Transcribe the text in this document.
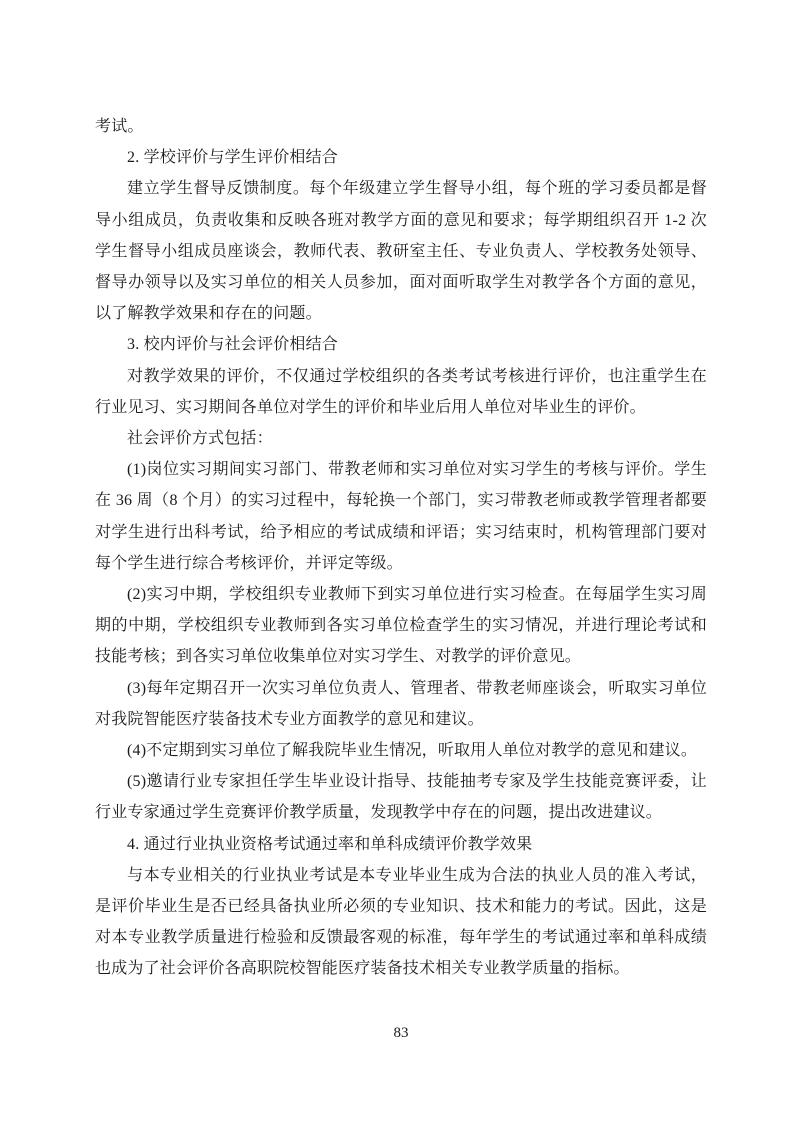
考试。

2. 学校评价与学生评价相结合

建立学生督导反馈制度。每个年级建立学生督导小组，每个班的学习委员都是督导小组成员，负责收集和反映各班对教学方面的意见和要求；每学期组织召开 1-2 次学生督导小组成员座谈会，教师代表、教研室主任、专业负责人、学校教务处领导、督导办领导以及实习单位的相关人员参加，面对面听取学生对教学各个方面的意见，以了解教学效果和存在的问题。

3. 校内评价与社会评价相结合

对教学效果的评价，不仅通过学校组织的各类考试考核进行评价，也注重学生在行业见习、实习期间各单位对学生的评价和毕业后用人单位对毕业生的评价。

社会评价方式包括：

(1)岗位实习期间实习部门、带教老师和实习单位对实习学生的考核与评价。学生在 36 周（8 个月）的实习过程中，每轮换一个部门，实习带教老师或教学管理者都要对学生进行出科考试，给予相应的考试成绩和评语；实习结束时，机构管理部门要对每个学生进行综合考核评价，并评定等级。

(2)实习中期，学校组织专业教师下到实习单位进行实习检查。在每届学生实习周期的中期，学校组织专业教师到各实习单位检查学生的实习情况，并进行理论考试和技能考核；到各实习单位收集单位对实习学生、对教学的评价意见。

(3)每年定期召开一次实习单位负责人、管理者、带教老师座谈会，听取实习单位对我院智能医疗装备技术专业方面教学的意见和建议。

(4)不定期到实习单位了解我院毕业生情况，听取用人单位对教学的意见和建议。

(5)邀请行业专家担任学生毕业设计指导、技能抽考专家及学生技能竞赛评委，让行业专家通过学生竞赛评价教学质量，发现教学中存在的问题，提出改进建议。

4. 通过行业执业资格考试通过率和单科成绩评价教学效果

与本专业相关的行业执业考试是本专业毕业生成为合法的执业人员的准入考试，是评价毕业生是否已经具备执业所必须的专业知识、技术和能力的考试。因此，这是对本专业教学质量进行检验和反馈最客观的标准，每年学生的考试通过率和单科成绩也成为了社会评价各高职院校智能医疗装备技术相关专业教学质量的指标。

83
